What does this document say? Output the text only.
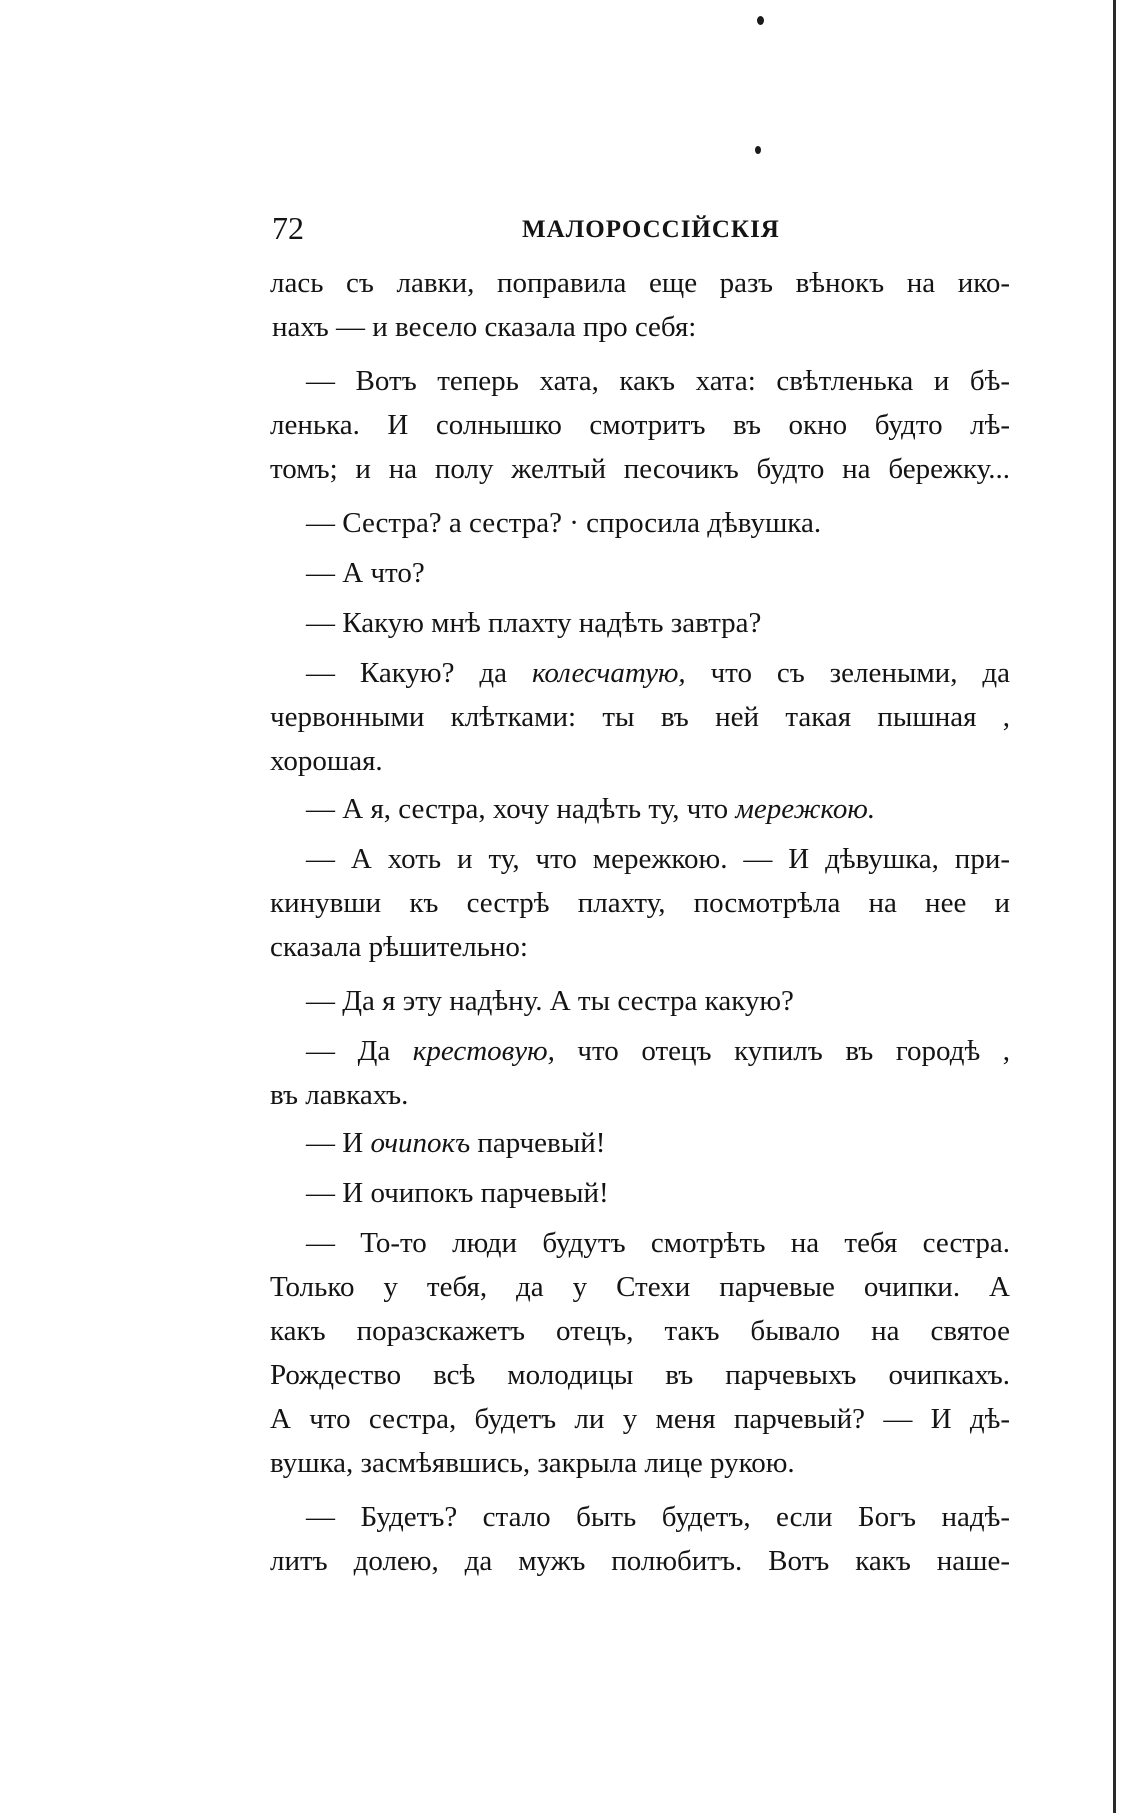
72	МАЛОРОССІЙСКІЯ
лась съ лавки, поправила еще разъ вѣнокъ на ико-
нахъ — и весело сказала про себя:
— Вотъ теперь хата, какъ хата: свѣтленька и бѣ-
ленька. И солнышко смотритъ въ окно будто лѣ-
томъ; и на полу желтый песочикъ будто на бережку...
— Сестра? а сестра? · спросила дѣвушка.
— А что?
— Какую мнѣ плахту надѣть завтра?
— Какую? да колесчатую, что съ зелеными, да
червонными клѣтками: ты въ ней такая пышная ,
хорошая.
— А я, сестра, хочу надѣть ту, что мережкою.
— А хоть и ту, что мережкою. — И дѣвушка, при-
кинувши къ сестрѣ плахту, посмотрѣла на нее и
сказала рѣшительно:
— Да я эту надѣну. А ты сестра какую?
— Да крестовую, что отецъ купилъ въ городѣ ,
въ лавкахъ.
— И очипокъ парчевый!
— И очипокъ парчевый!
— То-то люди будутъ смотрѣть на тебя сестра.
Только у тебя, да у Стехи парчевые очипки. А
какъ поразскажетъ отецъ, такъ бывало на святое
Рождество всѣ молодицы въ парчевыхъ очипкахъ.
А что сестра, будетъ ли у меня парчевый? — И дѣ-
вушка, засмѣявшись, закрыла лице рукою.
— Будетъ? стало быть будетъ, если Богъ надѣ-
литъ долею, да мужъ полюбитъ. Вотъ какъ наше-
